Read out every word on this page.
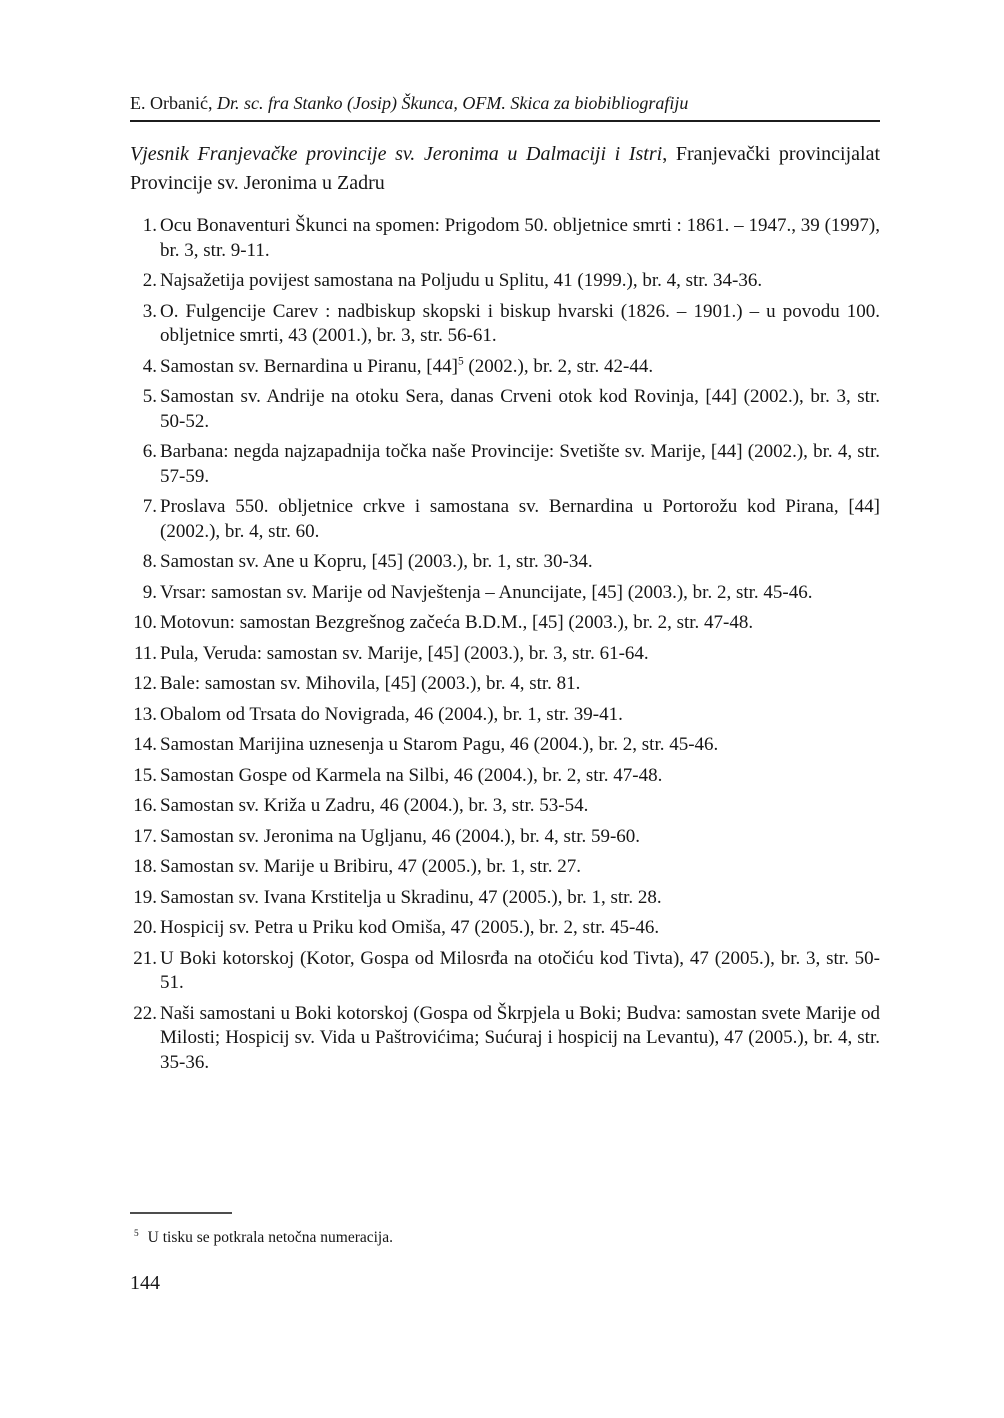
E. Orbanić, Dr. sc. fra Stanko (Josip) Škunca, OFM. Skica za biobibliografiju
Vjesnik Franjevačke provincije sv. Jeronima u Dalmaciji i Istri, Franjevački provincijalat Provincije sv. Jeronima u Zadru
1. Ocu Bonaventuri Škunci na spomen: Prigodom 50. obljetnice smrti : 1861. – 1947., 39 (1997), br. 3, str. 9-11.
2. Najsažetija povijest samostana na Poljudu u Splitu, 41 (1999.), br. 4, str. 34-36.
3. O. Fulgencije Carev : nadbiskup skopski i biskup hvarski (1826. – 1901.) – u povodu 100. obljetnice smrti, 43 (2001.), br. 3, str. 56-61.
4. Samostan sv. Bernardina u Piranu, $[44]^5$ (2002.), br. 2, str. 42-44.
5. Samostan sv. Andrije na otoku Sera, danas Crveni otok kod Rovinja, [44] (2002.), br. 3, str. 50-52.
6. Barbana: negda najzapadnija točka naše Provincije: Svetište sv. Marije, [44] (2002.), br. 4, str. 57-59.
7. Proslava 550. obljetnice crkve i samostana sv. Bernardina u Portorožu kod Pirana, [44] (2002.), br. 4, str. 60.
8. Samostan sv. Ane u Kopru, [45] (2003.), br. 1, str. 30-34.
9. Vrsar: samostan sv. Marije od Navještenja – Anuncijate, [45] (2003.), br. 2, str. 45-46.
10. Motovun: samostan Bezgrešnog začeća B.D.M., [45] (2003.), br. 2, str. 47-48.
11. Pula, Veruda: samostan sv. Marije, [45] (2003.), br. 3, str. 61-64.
12. Bale: samostan sv. Mihovila, [45] (2003.), br. 4, str. 81.
13. Obalom od Trsata do Novigrada, 46 (2004.), br. 1, str. 39-41.
14. Samostan Marijina uznesenja u Starom Pagu, 46 (2004.), br. 2, str. 45-46.
15. Samostan Gospe od Karmela na Silbi, 46 (2004.), br. 2, str. 47-48.
16. Samostan sv. Križa u Zadru, 46 (2004.), br. 3, str. 53-54.
17. Samostan sv. Jeronima na Ugljanu, 46 (2004.), br. 4, str. 59-60.
18. Samostan sv. Marije u Bribiru, 47 (2005.), br. 1, str. 27.
19. Samostan sv. Ivana Krstitelja u Skradinu, 47 (2005.), br. 1, str. 28.
20. Hospicij sv. Petra u Priku kod Omiša, 47 (2005.), br. 2, str. 45-46.
21. U Boki kotorskoj (Kotor, Gospa od Milosrđa na otočiću kod Tivta), 47 (2005.), br. 3, str. 50-51.
22. Naši samostani u Boki kotorskoj (Gospa od Škrpjela u Boki; Budva: samostan svete Marije od Milosti; Hospicij sv. Vida u Paštrovićima; Sućuraj i hospicij na Levantu), 47 (2005.), br. 4, str. 35-36.
$^5$ U tisku se potkrala netočna numeracija.
144
